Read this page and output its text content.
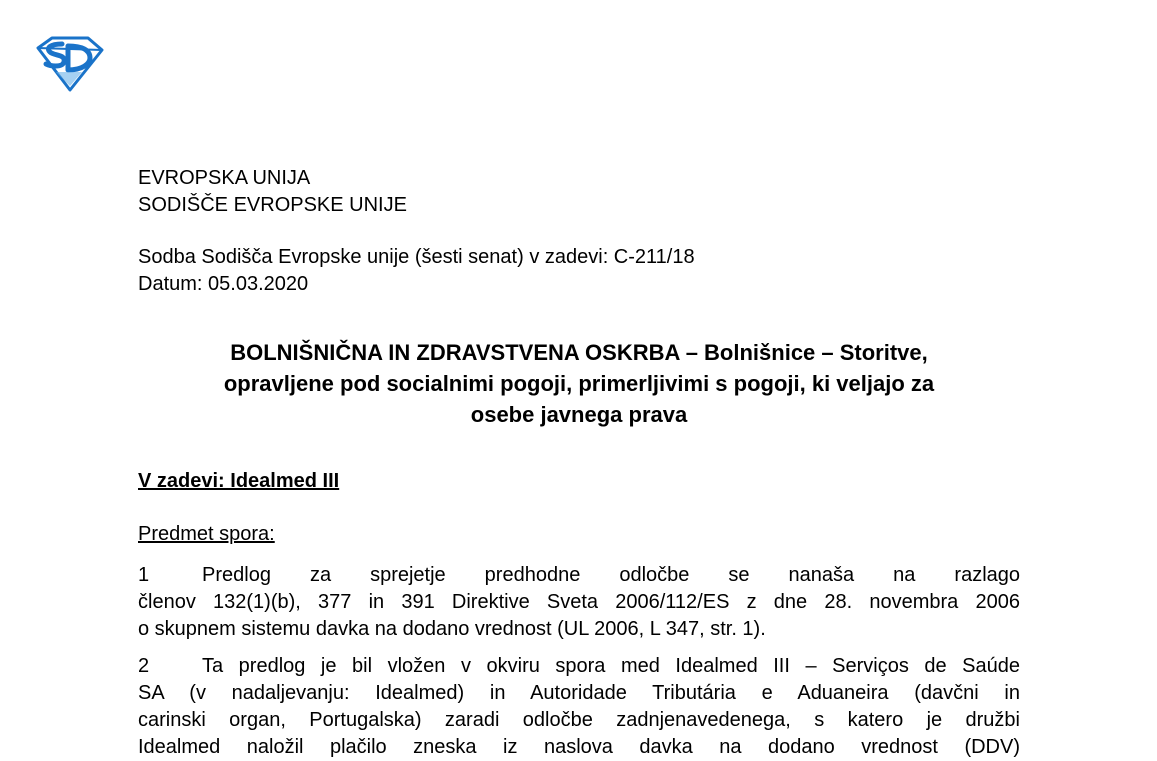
EVROPSKA UNIJA
SODIŠČE EVROPSKE UNIJE
Sodba Sodišča Evropske unije (šesti senat) v zadevi: C-211/18
Datum: 05.03.2020
BOLNIŠNIČNA IN ZDRAVSTVENA OSKRBA – Bolnišnice – Storitve,
opravljene pod socialnimi pogoji, primerljivimi s pogoji, ki veljajo za
osebe javnega prava
V zadevi: Idealmed III
Predmet spora:
1	Predlog za sprejetje predhodne odločbe se nanaša na razlago
členov 132(1)(b), 377 in 391 Direktive Sveta 2006/112/ES z dne 28. novembra 2006
o skupnem sistemu davka na dodano vrednost (UL 2006, L 347, str. 1).
2	Ta predlog je bil vložen v okviru spora med Idealmed III – Serviços de Saúde
SA (v nadaljevanju: Idealmed) in Autoridade Tributária e Aduaneira (davčni in
carinski organ, Portugalska) zaradi odločbe zadnjenavedenega, s katero je družbi
Idealmed naložil plačilo zneska iz naslova davka na dodano vrednost (DDV)
